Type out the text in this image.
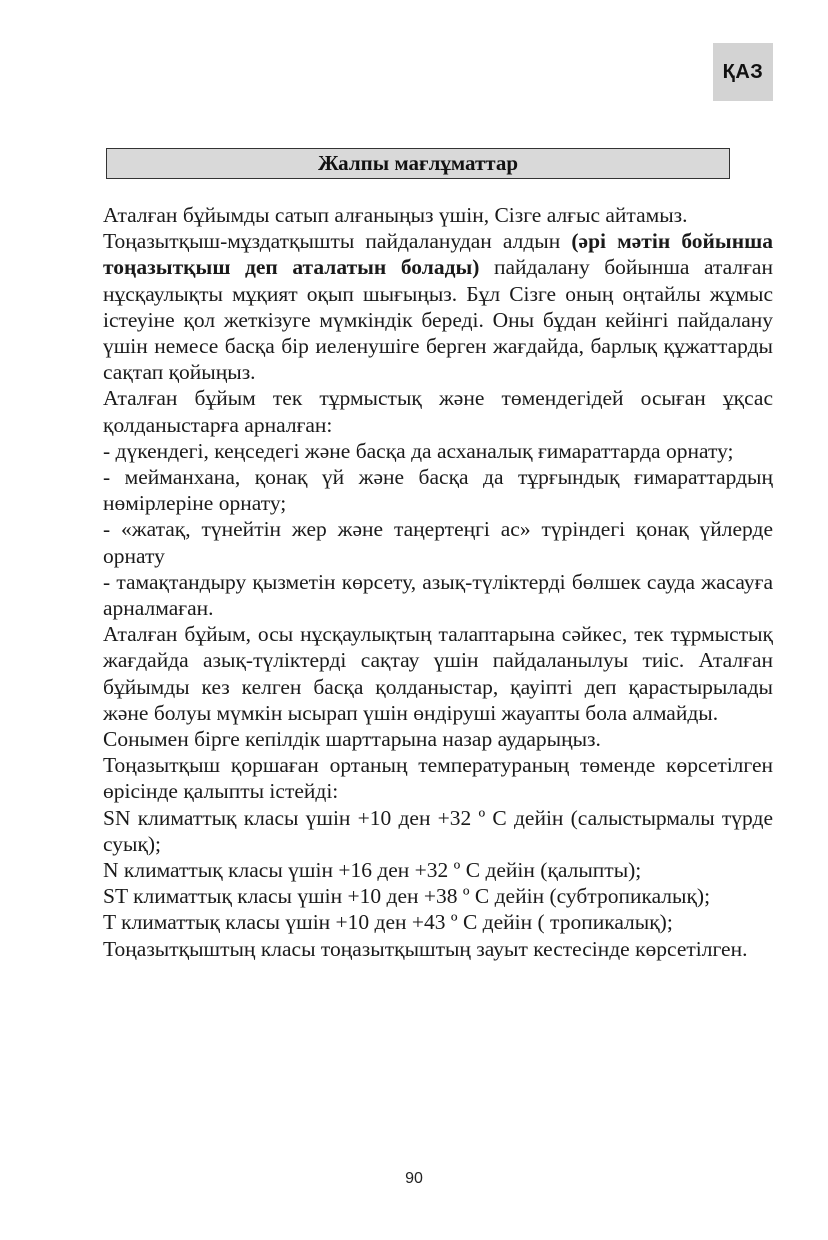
ҚАЗ
Жалпы мағлұматтар

Аталған бұйымды сатып алғаныңыз үшін, Сізге алғыс айтамыз.

Тоңазытқыш-мұздатқышты пайдаланудан алдын (әрі мәтін бойынша тоңазытқыш деп аталатын болады) пайдалану бойынша аталған нұсқаулықты мұқият оқып шығыңыз. Бұл Сізге оның оңтайлы жұмыс істеуіне қол жеткізуге мүмкіндік береді. Оны бұдан кейінгі пайдалану үшін немесе басқа бір иеленушіге берген жағдайда, барлық құжаттарды сақтап қойыңыз.

Аталған бұйым тек тұрмыстық және төмендегідей осыған ұқсас қолданыстарға арналған:

- дүкендегі, кеңседегі және басқа да асханалық ғимараттарда орнату;

- мейманхана, қонақ үй және басқа да тұрғындық ғимараттардың нөмірлеріне орнату;

- «жатақ, түнейтін жер және таңертеңгі ас» түріндегі қонақ үйлерде орнату

- тамақтандыру қызметін көрсету, азық-түліктерді бөлшек саудa жасауға арналмаған.

Аталған бұйым, осы нұсқаулықтың талаптарына сәйкес, тек тұрмыстық жағдайда азық-түліктерді сақтау үшін пайдаланылуы тиіс. Аталған бұйымды кез келген басқа қолданыстар, қауіпті деп қарастырылады және болуы мүмкін ысырап үшін өндіруші жауапты бола алмайды.

Сонымен бірге кепілдік шарттарына назар аударыңыз.

Тоңазытқыш қоршаған ортаның температураның төменде көрсетілген өрісінде қалыпты істейді:

SN климаттық класы үшін +10 ден +32 º C дейін (салыстырмалы түрде суық);

N климаттық класы үшін +16 ден +32 º C дейін (қалыпты);

ST климаттық класы үшін +10 ден +38 º C дейін (субтропикалық);

T климаттық класы үшін +10 ден +43 º C дейін ( тропикалық);

Тоңазытқыштың класы тоңазытқыштың зауыт кестесінде көрсетілген.

90
